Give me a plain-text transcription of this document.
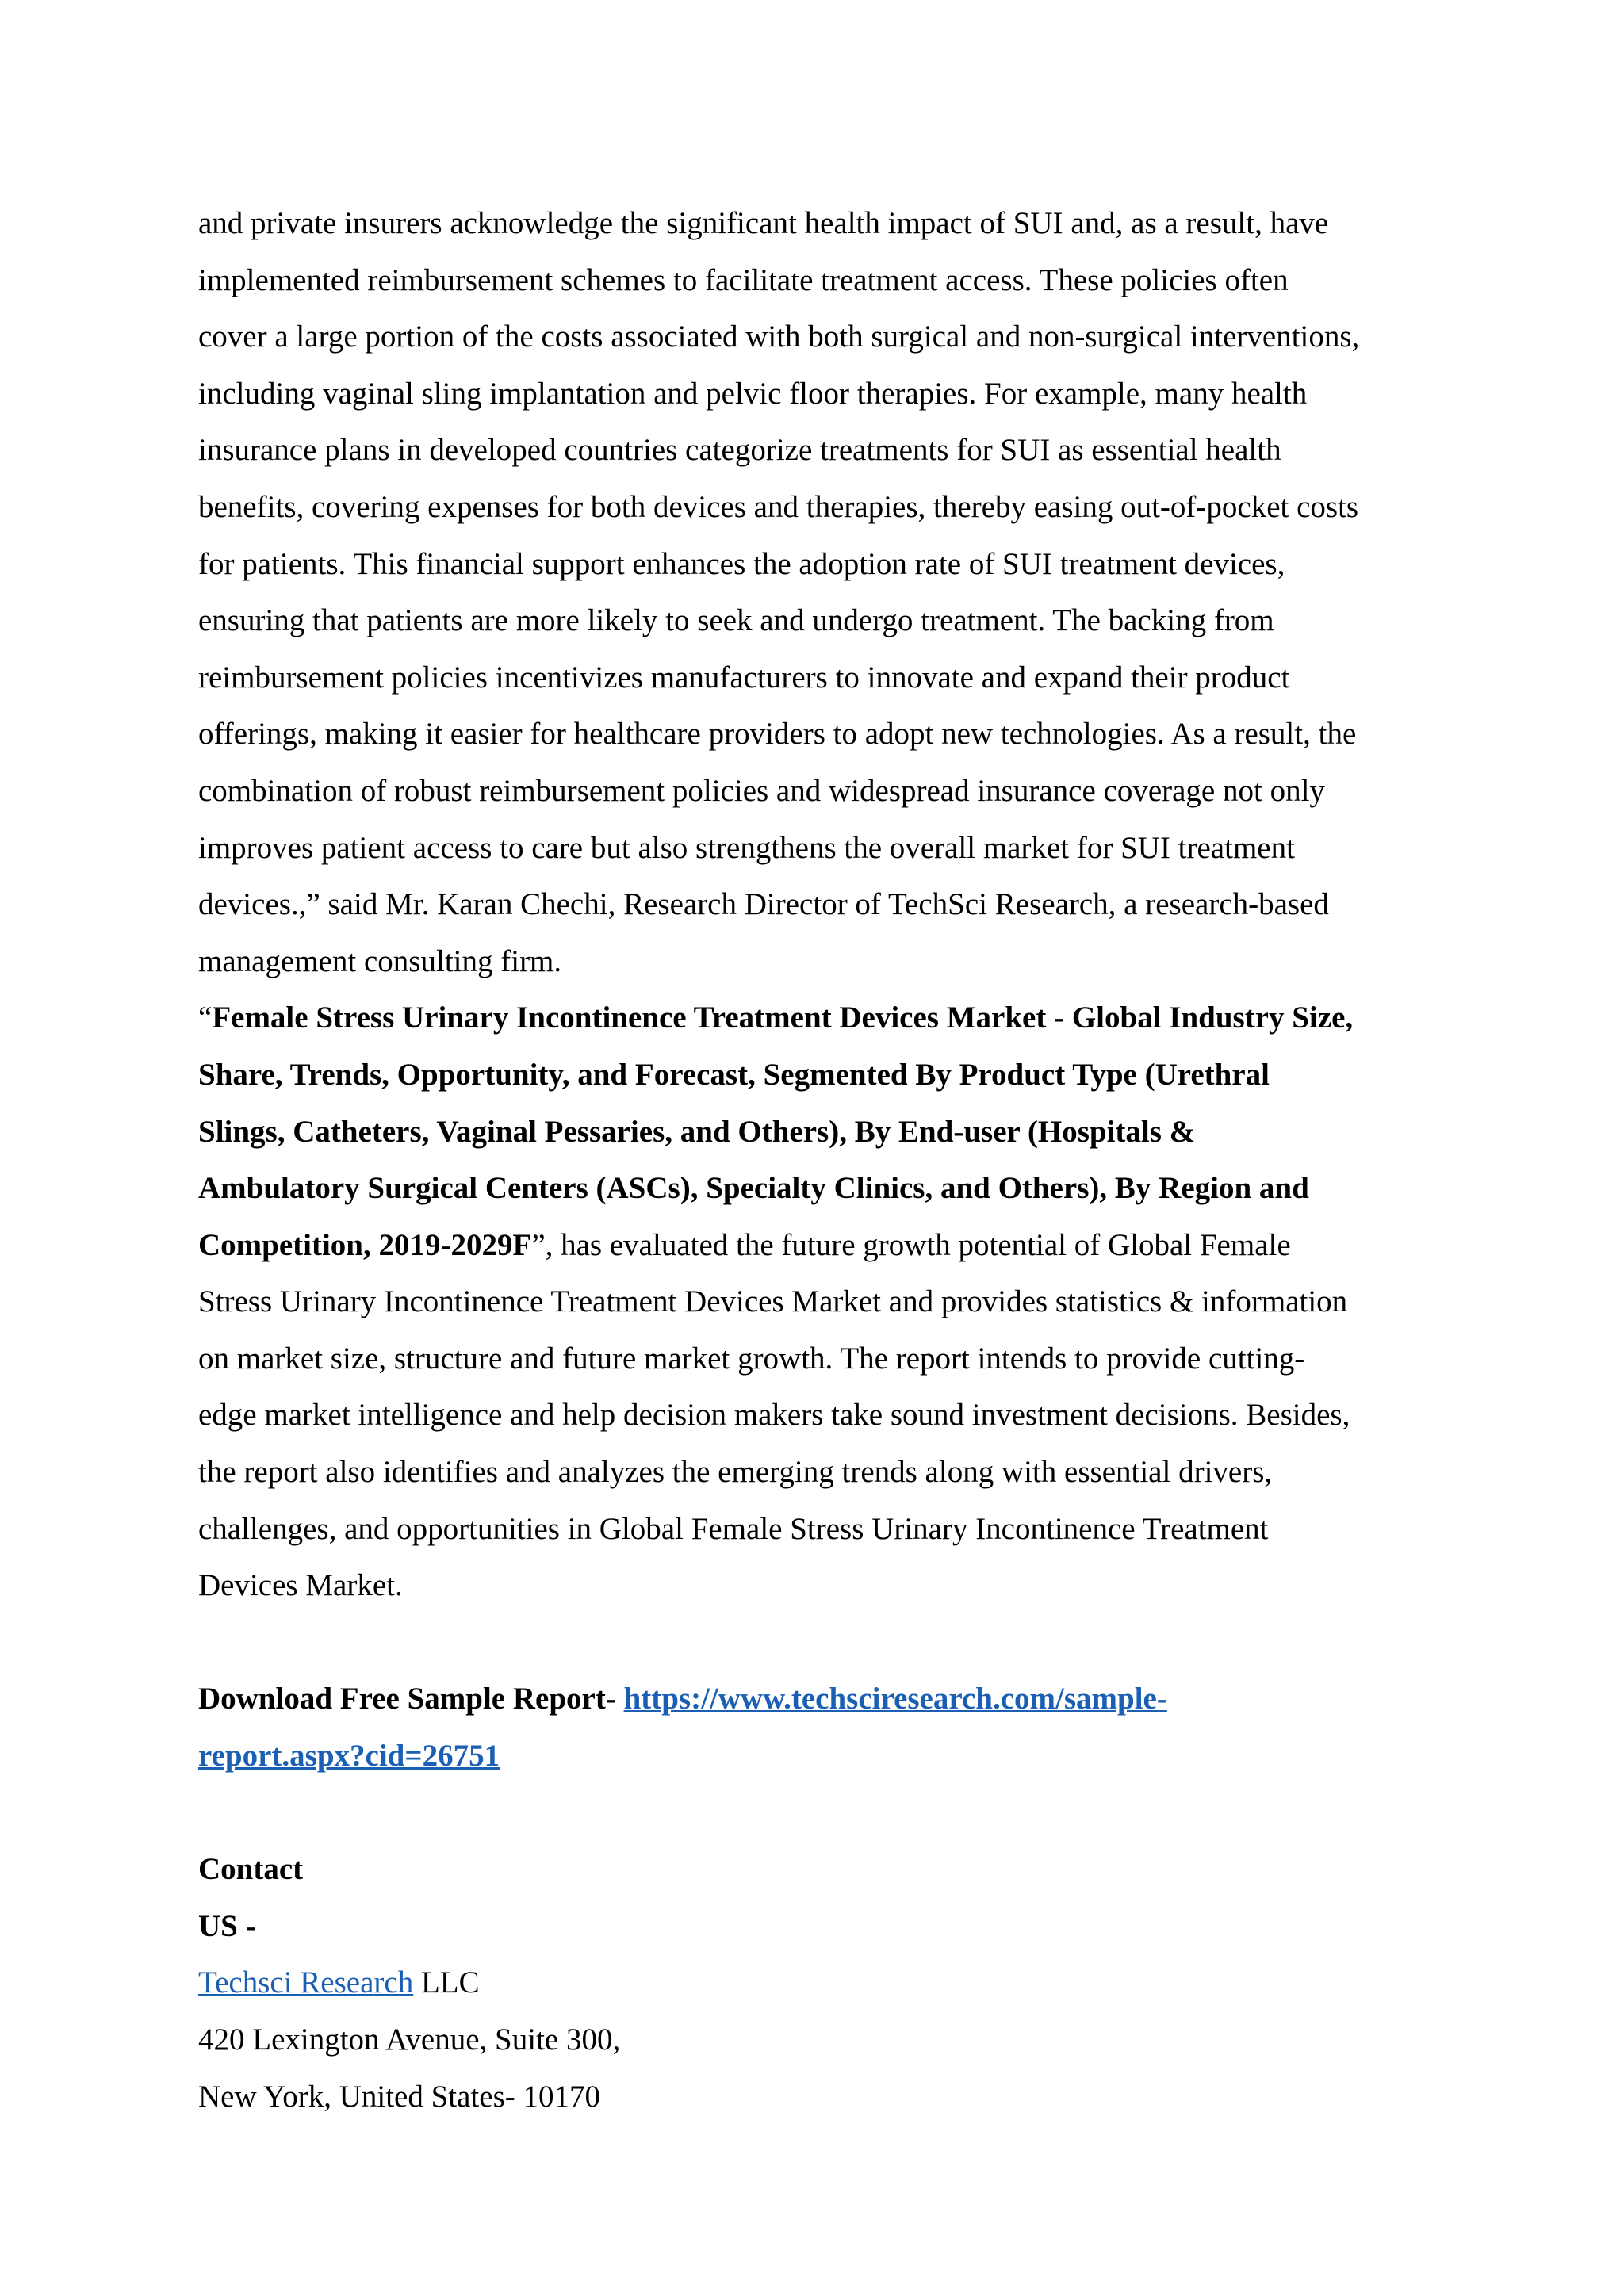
and private insurers acknowledge the significant health impact of SUI and, as a result, have
implemented reimbursement schemes to facilitate treatment access. These policies often
cover a large portion of the costs associated with both surgical and non-surgical interventions,
including vaginal sling implantation and pelvic floor therapies. For example, many health
insurance plans in developed countries categorize treatments for SUI as essential health
benefits, covering expenses for both devices and therapies, thereby easing out-of-pocket costs
for patients. This financial support enhances the adoption rate of SUI treatment devices,
ensuring that patients are more likely to seek and undergo treatment. The backing from
reimbursement policies incentivizes manufacturers to innovate and expand their product
offerings, making it easier for healthcare providers to adopt new technologies. As a result, the
combination of robust reimbursement policies and widespread insurance coverage not only
improves patient access to care but also strengthens the overall market for SUI treatment
devices.,” said Mr. Karan Chechi, Research Director of TechSci Research, a research-based
management consulting firm.
“Female Stress Urinary Incontinence Treatment Devices Market - Global Industry Size,
Share, Trends, Opportunity, and Forecast, Segmented By Product Type (Urethral
Slings, Catheters, Vaginal Pessaries, and Others), By End-user (Hospitals &
Ambulatory Surgical Centers (ASCs), Specialty Clinics, and Others), By Region and
Competition, 2019-2029F”, has evaluated the future growth potential of Global Female
Stress Urinary Incontinence Treatment Devices Market and provides statistics & information
on market size, structure and future market growth. The report intends to provide cutting-
edge market intelligence and help decision makers take sound investment decisions. Besides,
the report also identifies and analyzes the emerging trends along with essential drivers,
challenges, and opportunities in Global Female Stress Urinary Incontinence Treatment
Devices Market.
Download Free Sample Report- https://www.techsciresearch.com/sample-
report.aspx?cid=26751
Contact
US -
Techsci Research LLC
420 Lexington Avenue, Suite 300,
New York, United States- 10170
